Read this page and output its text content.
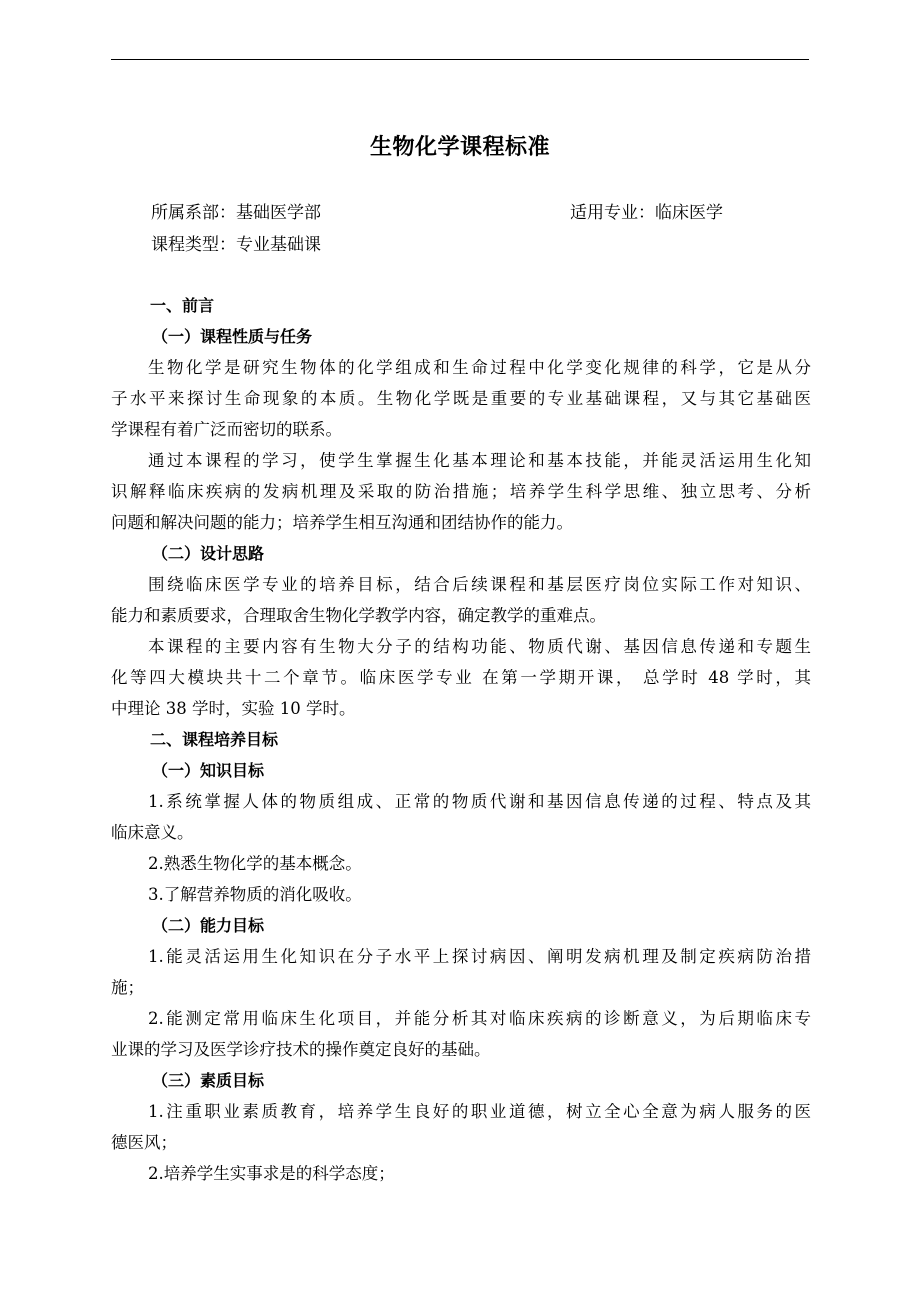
生物化学课程标准
所属系部：基础医学部	适用专业：临床医学
课程类型：专业基础课
一、前言
（一）课程性质与任务
生物化学是研究生物体的化学组成和生命过程中化学变化规律的科学，它是从分
子水平来探讨生命现象的本质。生物化学既是重要的专业基础课程，又与其它基础医
学课程有着广泛而密切的联系。
通过本课程的学习，使学生掌握生化基本理论和基本技能，并能灵活运用生化知
识解释临床疾病的发病机理及采取的防治措施；培养学生科学思维、独立思考、分析
问题和解决问题的能力；培养学生相互沟通和团结协作的能力。
（二）设计思路
围绕临床医学专业的培养目标，结合后续课程和基层医疗岗位实际工作对知识、
能力和素质要求，合理取舍生物化学教学内容，确定教学的重难点。
本课程的主要内容有生物大分子的结构功能、物质代谢、基因信息传递和专题生
化等四大模块共十二个章节。临床医学专业 在第一学期开课， 总学时 48 学时，其
中理论 38 学时，实验 10 学时。
二、课程培养目标
（一）知识目标
1.系统掌握人体的物质组成、正常的物质代谢和基因信息传递的过程、特点及其
临床意义。
2.熟悉生物化学的基本概念。
3.了解营养物质的消化吸收。
（二）能力目标
1.能灵活运用生化知识在分子水平上探讨病因、阐明发病机理及制定疾病防治措
施；
2.能测定常用临床生化项目，并能分析其对临床疾病的诊断意义，为后期临床专
业课的学习及医学诊疗技术的操作奠定良好的基础。
（三）素质目标
1.注重职业素质教育，培养学生良好的职业道德，树立全心全意为病人服务的医
德医风；
2.培养学生实事求是的科学态度；
